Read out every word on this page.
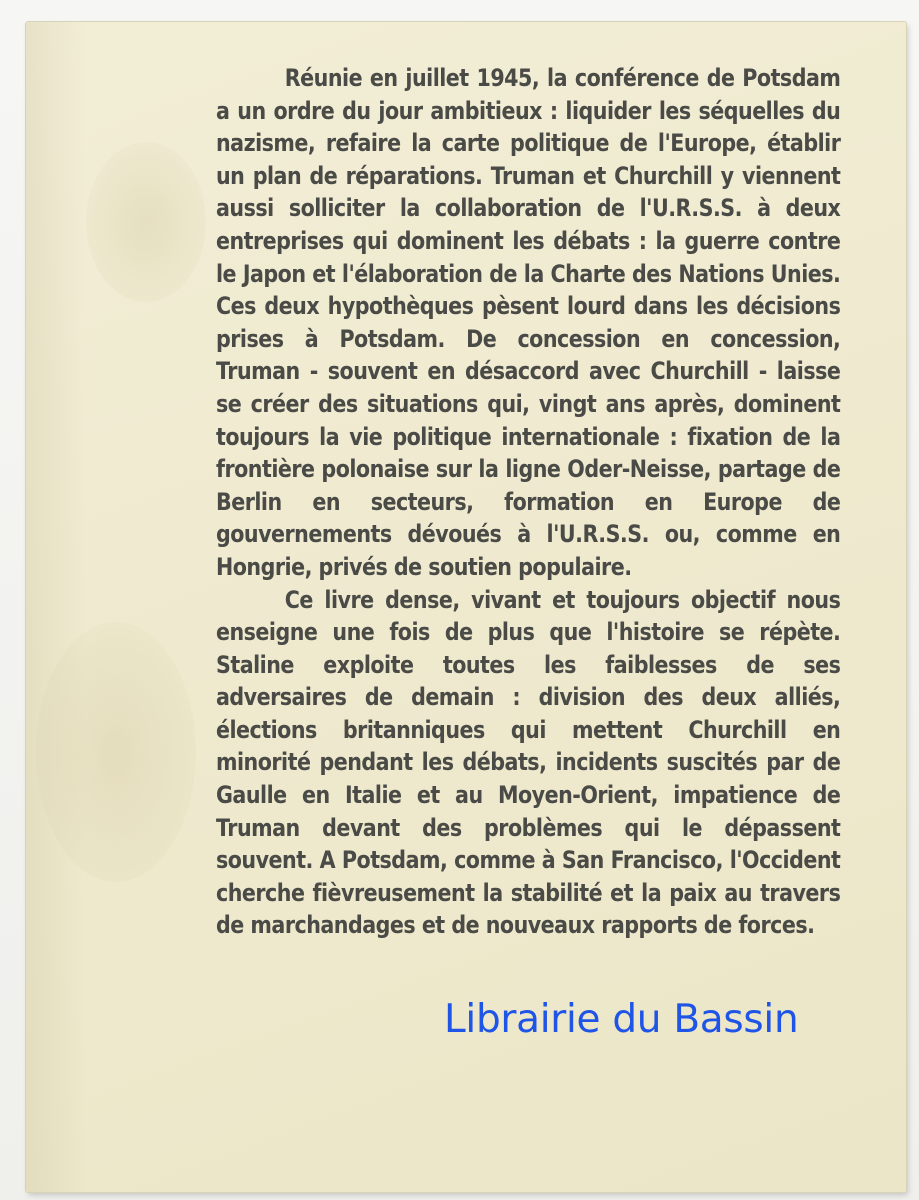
Réunie en juillet 1945, la conférence de Potsdam a un ordre du jour ambitieux : liquider les séquelles du nazisme, refaire la carte politique de l'Europe, établir un plan de réparations. Truman et Churchill y viennent aussi solliciter la collaboration de l'U.R.S.S. à deux entreprises qui dominent les débats : la guerre contre le Japon et l'élaboration de la Charte des Nations Unies. Ces deux hypothèques pèsent lourd dans les décisions prises à Potsdam. De concession en concession, Truman - souvent en désaccord avec Churchill - laisse se créer des situations qui, vingt ans après, dominent toujours la vie politique internationale : fixation de la frontière polonaise sur la ligne Oder-Neisse, partage de Berlin en secteurs, formation en Europe de gouvernements dévoués à l'U.R.S.S. ou, comme en Hongrie, privés de soutien populaire.

Ce livre dense, vivant et toujours objectif nous enseigne une fois de plus que l'histoire se répète. Staline exploite toutes les faiblesses de ses adversaires de demain : division des deux alliés, élections britanniques qui mettent Churchill en minorité pendant les débats, incidents suscités par de Gaulle en Italie et au Moyen-Orient, impatience de Truman devant des problèmes qui le dépassent souvent. A Potsdam, comme à San Francisco, l'Occident cherche fièvreusement la stabilité et la paix au travers de marchandages et de nouveaux rapports de forces.

Librairie du Bassin
